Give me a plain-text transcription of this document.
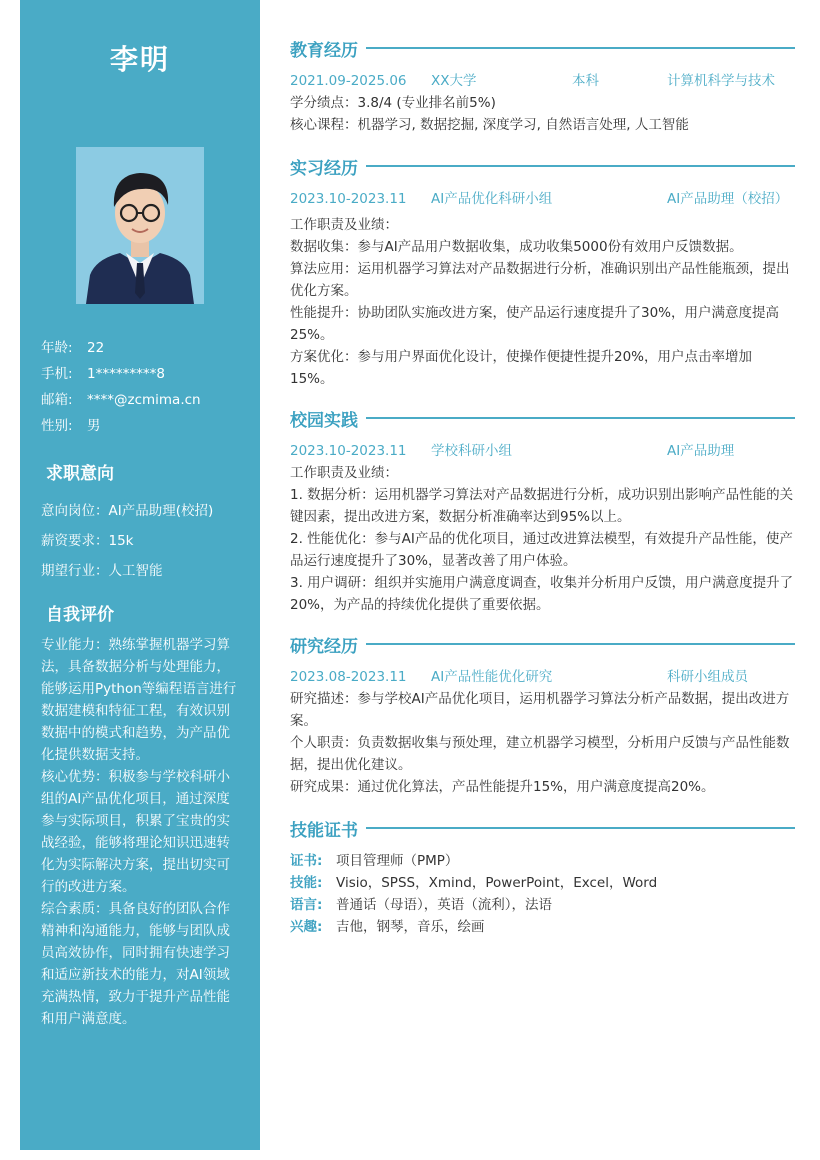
李明
年龄: 22
手机: 1*********8
邮箱: ****@zcmima.cn
性别: 男
求职意向
意向岗位：AI产品助理(校招)
薪资要求：15k
期望行业：人工智能
自我评价

专业能力：熟练掌握机器学习算法，具备数据分析与处理能力，能够运用Python等编程语言进行数据建模和特征工程，有效识别数据中的模式和趋势，为产品优化提供数据支持。

核心优势：积极参与学校科研小组的AI产品优化项目，通过深度参与实际项目，积累了宝贵的实战经验，能够将理论知识迅速转化为实际解决方案，提出切实可行的改进方案。

综合素质：具备良好的团队合作精神和沟通能力，能够与团队成员高效协作，同时拥有快速学习和适应新技术的能力，对AI领域充满热情，致力于提升产品性能和用户满意度。

教育经历
2021.09-2025.06	XX大学	本科	计算机科学与技术

学分绩点：3.8/4 (专业排名前5%)

核心课程：机器学习, 数据挖掘, 深度学习, 自然语言处理, 人工智能

实习经历
2023.10-2023.11	AI产品优化科研小组	AI产品助理（校招）

工作职责及业绩：

数据收集：参与AI产品用户数据收集，成功收集5000份有效用户反馈数据。

算法应用：运用机器学习算法对产品数据进行分析，准确识别出产品性能瓶颈，提出优化方案。

性能提升：协助团队实施改进方案，使产品运行速度提升了30%，用户满意度提高25%。

方案优化：参与用户界面优化设计，使操作便捷性提升20%，用户点击率增加15%。

校园实践
2023.10-2023.11	学校科研小组	AI产品助理

工作职责及业绩：

1. 数据分析：运用机器学习算法对产品数据进行分析，成功识别出影响产品性能的关键因素，提出改进方案，数据分析准确率达到95%以上。

2. 性能优化：参与AI产品的优化项目，通过改进算法模型，有效提升产品性能，使产品运行速度提升了30%，显著改善了用户体验。

3. 用户调研：组织并实施用户满意度调查，收集并分析用户反馈，用户满意度提升了20%，为产品的持续优化提供了重要依据。

研究经历
2023.08-2023.11	AI产品性能优化研究	科研小组成员

研究描述：参与学校AI产品优化项目，运用机器学习算法分析产品数据，提出改进方案。

个人职责：负责数据收集与预处理，建立机器学习模型，分析用户反馈与产品性能数据，提出优化建议。

研究成果：通过优化算法，产品性能提升15%，用户满意度提高20%。

技能证书
证书: 项目管理师（PMP）
技能: Visio，SPSS，Xmind，PowerPoint，Excel，Word
语言: 普通话（母语），英语（流利），法语
兴趣: 吉他，钢琴，音乐，绘画
